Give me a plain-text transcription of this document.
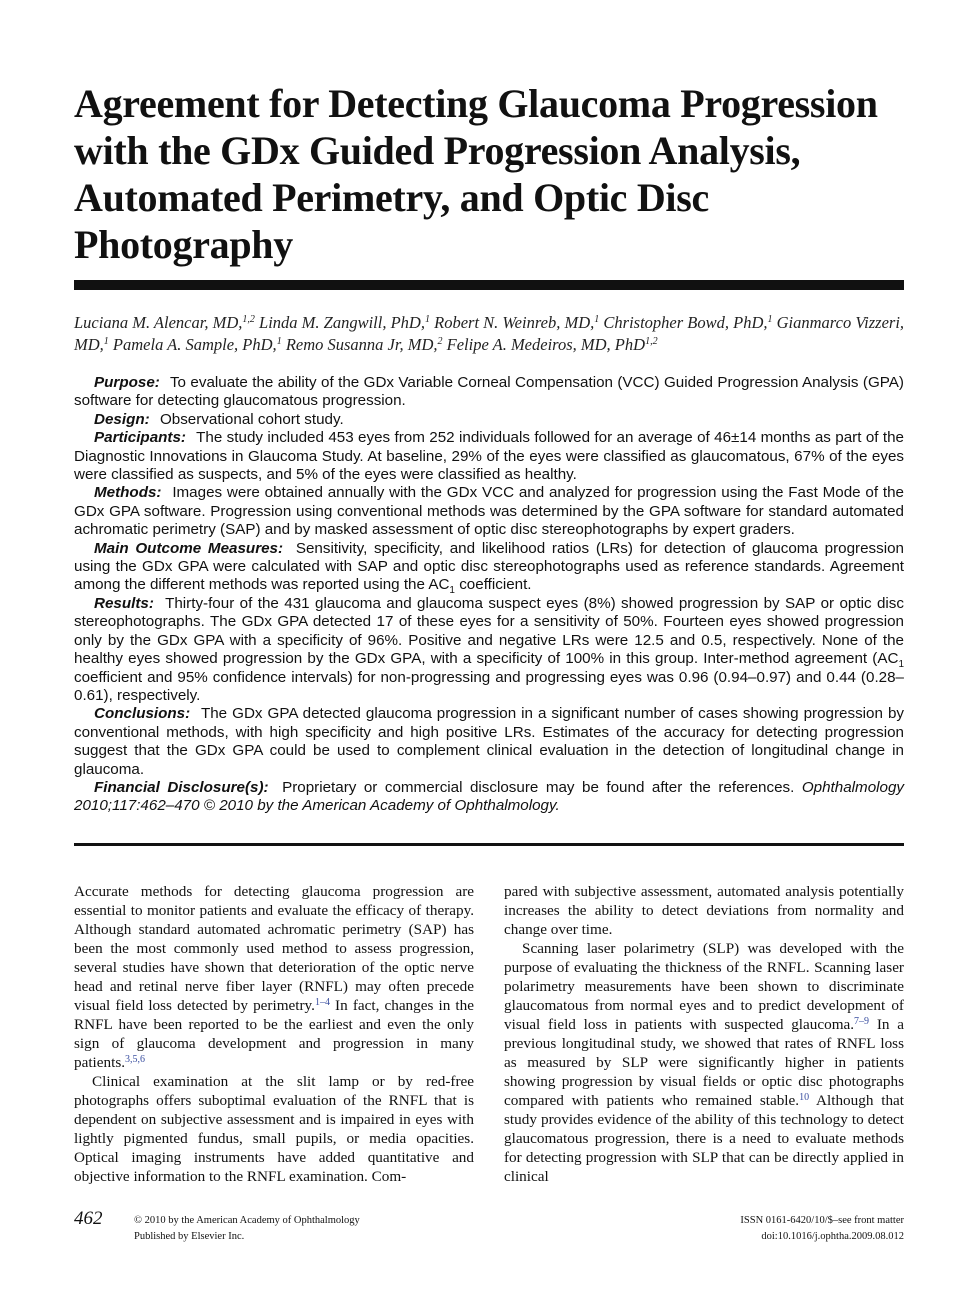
Agreement for Detecting Glaucoma Progression with the GDx Guided Progression Analysis, Automated Perimetry, and Optic Disc Photography
Luciana M. Alencar, MD,$^{1,2}$ Linda M. Zangwill, PhD,$^1$ Robert N. Weinreb, MD,$^1$ Christopher Bowd, PhD,$^1$ Gianmarco Vizzeri, MD,$^1$ Pamela A. Sample, PhD,$^1$ Remo Susanna Jr, MD,$^2$ Felipe A. Medeiros, MD, PhD$^{1,2}$

Purpose: To evaluate the ability of the GDx Variable Corneal Compensation (VCC) Guided Progression Analysis (GPA) software for detecting glaucomatous progression.

Design: Observational cohort study.

Participants: The study included 453 eyes from 252 individuals followed for an average of 46±14 months as part of the Diagnostic Innovations in Glaucoma Study. At baseline, 29% of the eyes were classified as glaucomatous, 67% of the eyes were classified as suspects, and 5% of the eyes were classified as healthy.

Methods: Images were obtained annually with the GDx VCC and analyzed for progression using the Fast Mode of the GDx GPA software. Progression using conventional methods was determined by the GPA software for standard automated achromatic perimetry (SAP) and by masked assessment of optic disc stereophotographs by expert graders.

Main Outcome Measures: Sensitivity, specificity, and likelihood ratios (LRs) for detection of glaucoma progression using the GDx GPA were calculated with SAP and optic disc stereophotographs used as reference standards. Agreement among the different methods was reported using the $AC_1$ coefficient.

Results: Thirty-four of the 431 glaucoma and glaucoma suspect eyes (8%) showed progression by SAP or optic disc stereophotographs. The GDx GPA detected 17 of these eyes for a sensitivity of 50%. Fourteen eyes showed progression only by the GDx GPA with a specificity of 96%. Positive and negative LRs were 12.5 and 0.5, respectively. None of the healthy eyes showed progression by the GDx GPA, with a specificity of 100% in this group. Inter-method agreement ($AC_1$ coefficient and 95% confidence intervals) for non-progressing and progressing eyes was 0.96 (0.94–0.97) and 0.44 (0.28–0.61), respectively.

Conclusions: The GDx GPA detected glaucoma progression in a significant number of cases showing progression by conventional methods, with high specificity and high positive LRs. Estimates of the accuracy for detecting progression suggest that the GDx GPA could be used to complement clinical evaluation in the detection of longitudinal change in glaucoma.

Financial Disclosure(s): Proprietary or commercial disclosure may be found after the references. Ophthalmology 2010;117:462–470 © 2010 by the American Academy of Ophthalmology.

Accurate methods for detecting glaucoma progression are essential to monitor patients and evaluate the efficacy of therapy. Although standard automated achromatic perimetry (SAP) has been the most commonly used method to assess progression, several studies have shown that deterioration of the optic nerve head and retinal nerve fiber layer (RNFL) may often precede visual field loss detected by perimetry.$^{1-4}$ In fact, changes in the RNFL have been reported to be the earliest and even the only sign of glaucoma development and progression in many patients.$^{3,5,6}$

Clinical examination at the slit lamp or by red-free photographs offers suboptimal evaluation of the RNFL that is dependent on subjective assessment and is impaired in eyes with lightly pigmented fundus, small pupils, or media opacities. Optical imaging instruments have added quantitative and objective information to the RNFL examination. Com-

pared with subjective assessment, automated analysis potentially increases the ability to detect deviations from normality and change over time.

Scanning laser polarimetry (SLP) was developed with the purpose of evaluating the thickness of the RNFL. Scanning laser polarimetry measurements have been shown to discriminate glaucomatous from normal eyes and to predict development of visual field loss in patients with suspected glaucoma.$^{7-9}$ In a previous longitudinal study, we showed that rates of RNFL loss as measured by SLP were significantly higher in patients showing progression by visual fields or optic disc photographs compared with patients who remained stable.$^{10}$ Although that study provides evidence of the ability of this technology to detect glaucomatous progression, there is a need to evaluate methods for detecting progression with SLP that can be directly applied in clinical

462	© 2010 by the American Academy of Ophthalmology
Published by Elsevier Inc.
ISSN 0161-6420/10/$–see front matter
doi:10.1016/j.ophtha.2009.08.012
